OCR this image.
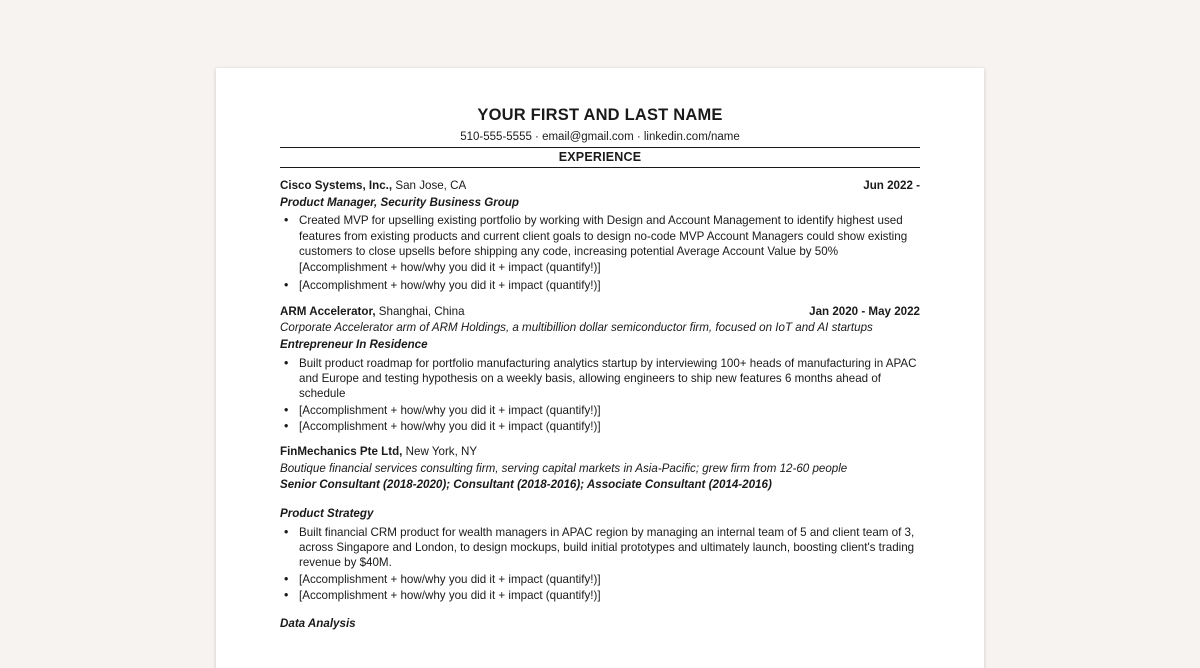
YOUR FIRST AND LAST NAME
510-555-5555 · email@gmail.com · linkedin.com/name
EXPERIENCE
Cisco Systems, Inc., San Jose, CA	Jun 2022 -
Product Manager, Security Business Group
• Created MVP for upselling existing portfolio by working with Design and Account Management to identify highest used features from existing products and current client goals to design no-code MVP Account Managers could show existing customers to close upsells before shipping any code, increasing potential Average Account Value by 50%
[Accomplishment + how/why you did it + impact (quantify!)]
• [Accomplishment + how/why you did it + impact (quantify!)]
ARM Accelerator, Shanghai, China	Jan 2020 - May 2022
Corporate Accelerator arm of ARM Holdings, a multibillion dollar semiconductor firm, focused on IoT and AI startups
Entrepreneur In Residence
• Built product roadmap for portfolio manufacturing analytics startup by interviewing 100+ heads of manufacturing in APAC and Europe and testing hypothesis on a weekly basis, allowing engineers to ship new features 6 months ahead of schedule
• [Accomplishment + how/why you did it + impact (quantify!)]
• [Accomplishment + how/why you did it + impact (quantify!)]
FinMechanics Pte Ltd, New York, NY
Boutique financial services consulting firm, serving capital markets in Asia-Pacific; grew firm from 12-60 people
Senior Consultant (2018-2020); Consultant (2018-2016); Associate Consultant (2014-2016)
Product Strategy
• Built financial CRM product for wealth managers in APAC region by managing an internal team of 5 and client team of 3, across Singapore and London, to design mockups, build initial prototypes and ultimately launch, boosting client's trading revenue by $40M.
• [Accomplishment + how/why you did it + impact (quantify!)]
• [Accomplishment + how/why you did it + impact (quantify!)]
Data Analysis
